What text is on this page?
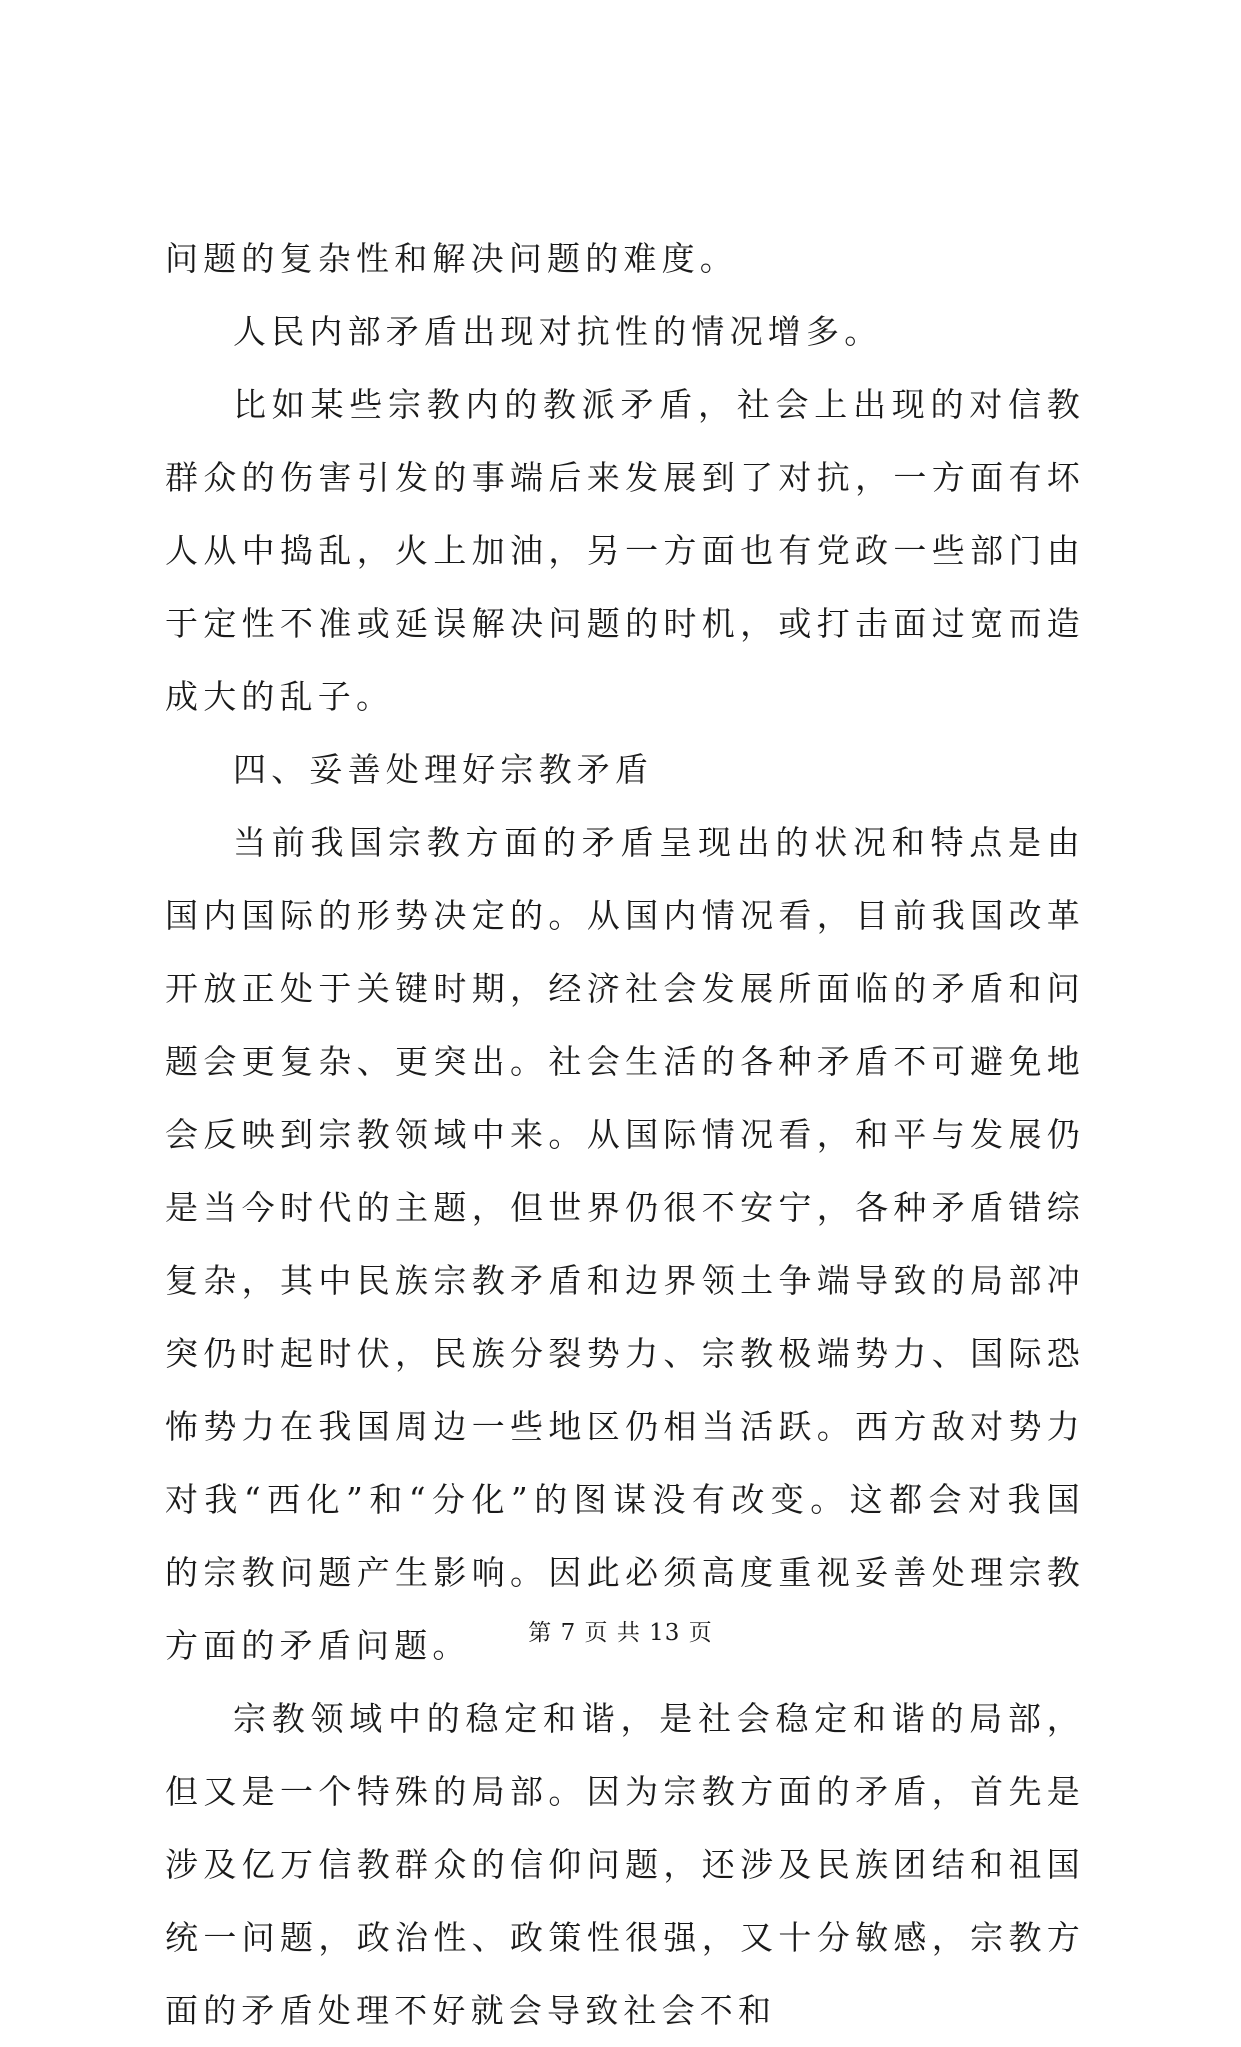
问题的复杂性和解决问题的难度。

人民内部矛盾出现对抗性的情况增多。

比如某些宗教内的教派矛盾，社会上出现的对信教群众的伤害引发的事端后来发展到了对抗，一方面有坏人从中捣乱，火上加油，另一方面也有党政一些部门由于定性不准或延误解决问题的时机，或打击面过宽而造成大的乱子。

四、妥善处理好宗教矛盾

当前我国宗教方面的矛盾呈现出的状况和特点是由国内国际的形势决定的。从国内情况看，目前我国改革开放正处于关键时期，经济社会发展所面临的矛盾和问题会更复杂、更突出。社会生活的各种矛盾不可避免地会反映到宗教领域中来。从国际情况看，和平与发展仍是当今时代的主题，但世界仍很不安宁，各种矛盾错综复杂，其中民族宗教矛盾和边界领土争端导致的局部冲突仍时起时伏，民族分裂势力、宗教极端势力、国际恐怖势力在我国周边一些地区仍相当活跃。西方敌对势力对我“西化”和“分化”的图谋没有改变。这都会对我国的宗教问题产生影响。因此必须高度重视妥善处理宗教方面的矛盾问题。

宗教领域中的稳定和谐，是社会稳定和谐的局部，但又是一个特殊的局部。因为宗教方面的矛盾，首先是涉及亿万信教群众的信仰问题，还涉及民族团结和祖国统一问题，政治性、政策性很强，又十分敏感，宗教方面的矛盾处理不好就会导致社会不和

第 7 页 共 13 页
